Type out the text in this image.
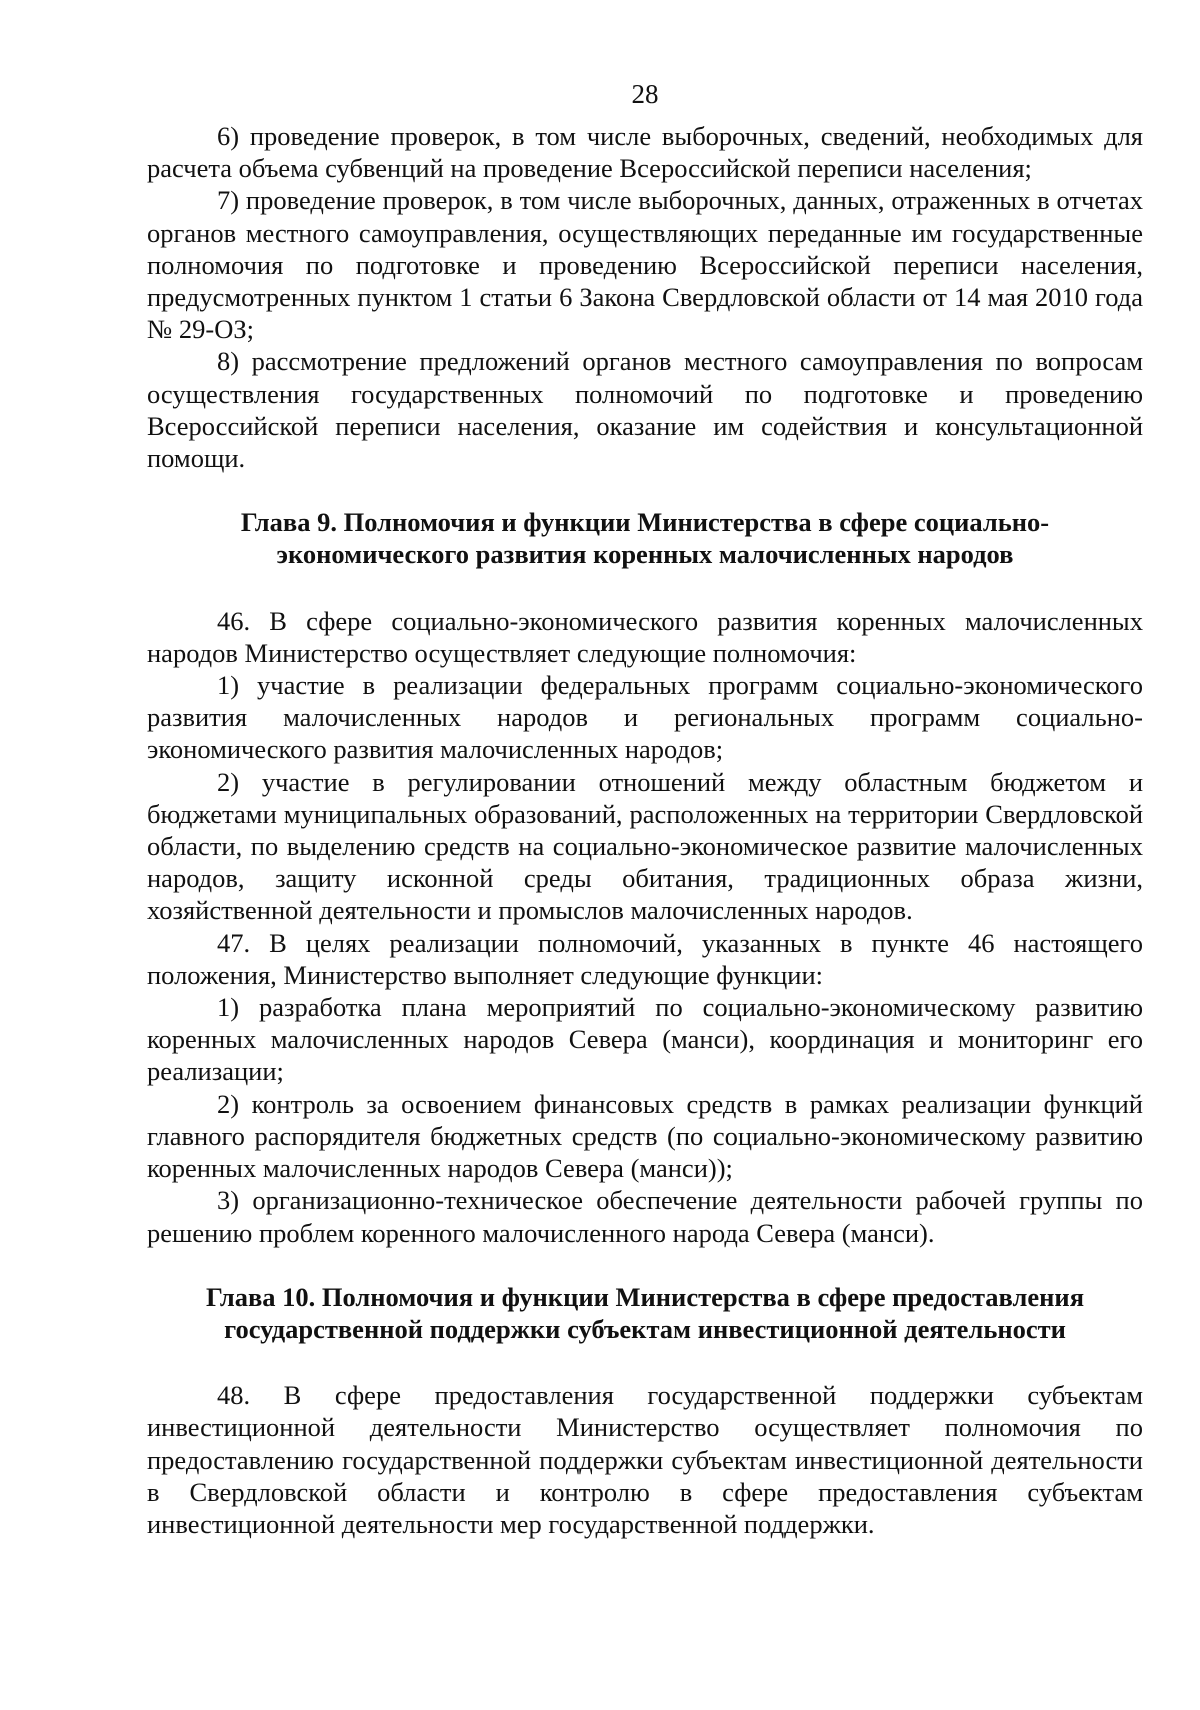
28

6) проведение проверок, в том числе выборочных, сведений, необходимых для расчета объема субвенций на проведение Всероссийской переписи населения;

7) проведение проверок, в том числе выборочных, данных, отраженных в отчетах органов местного самоуправления, осуществляющих переданные им государственные полномочия по подготовке и проведению Всероссийской переписи населения, предусмотренных пунктом 1 статьи 6 Закона Свердловской области от 14 мая 2010 года № 29-ОЗ;

8) рассмотрение предложений органов местного самоуправления по вопросам осуществления государственных полномочий по подготовке и проведению Всероссийской переписи населения, оказание им содействия и консультационной помощи.

Глава 9. Полномочия и функции Министерства в сфере социально-
экономического развития коренных малочисленных народов

46. В сфере социально-экономического развития коренных малочисленных народов Министерство осуществляет следующие полномочия:

1) участие в реализации федеральных программ социально-экономического развития малочисленных народов и региональных программ социально-экономического развития малочисленных народов;

2) участие в регулировании отношений между областным бюджетом и бюджетами муниципальных образований, расположенных на территории Свердловской области, по выделению средств на социально-экономическое развитие малочисленных народов, защиту исконной среды обитания, традиционных образа жизни, хозяйственной деятельности и промыслов малочисленных народов.

47. В целях реализации полномочий, указанных в пункте 46 настоящего положения, Министерство выполняет следующие функции:

1) разработка плана мероприятий по социально-экономическому развитию коренных малочисленных народов Севера (манси), координация и мониторинг его реализации;

2) контроль за освоением финансовых средств в рамках реализации функций главного распорядителя бюджетных средств (по социально-экономическому развитию коренных малочисленных народов Севера (манси));

3) организационно-техническое обеспечение деятельности рабочей группы по решению проблем коренного малочисленного народа Севера (манси).

Глава 10. Полномочия и функции Министерства в сфере предоставления
государственной поддержки субъектам инвестиционной деятельности

48. В сфере предоставления государственной поддержки субъектам инвестиционной деятельности Министерство осуществляет полномочия по предоставлению государственной поддержки субъектам инвестиционной деятельности в Свердловской области и контролю в сфере предоставления субъектам инвестиционной деятельности мер государственной поддержки.
